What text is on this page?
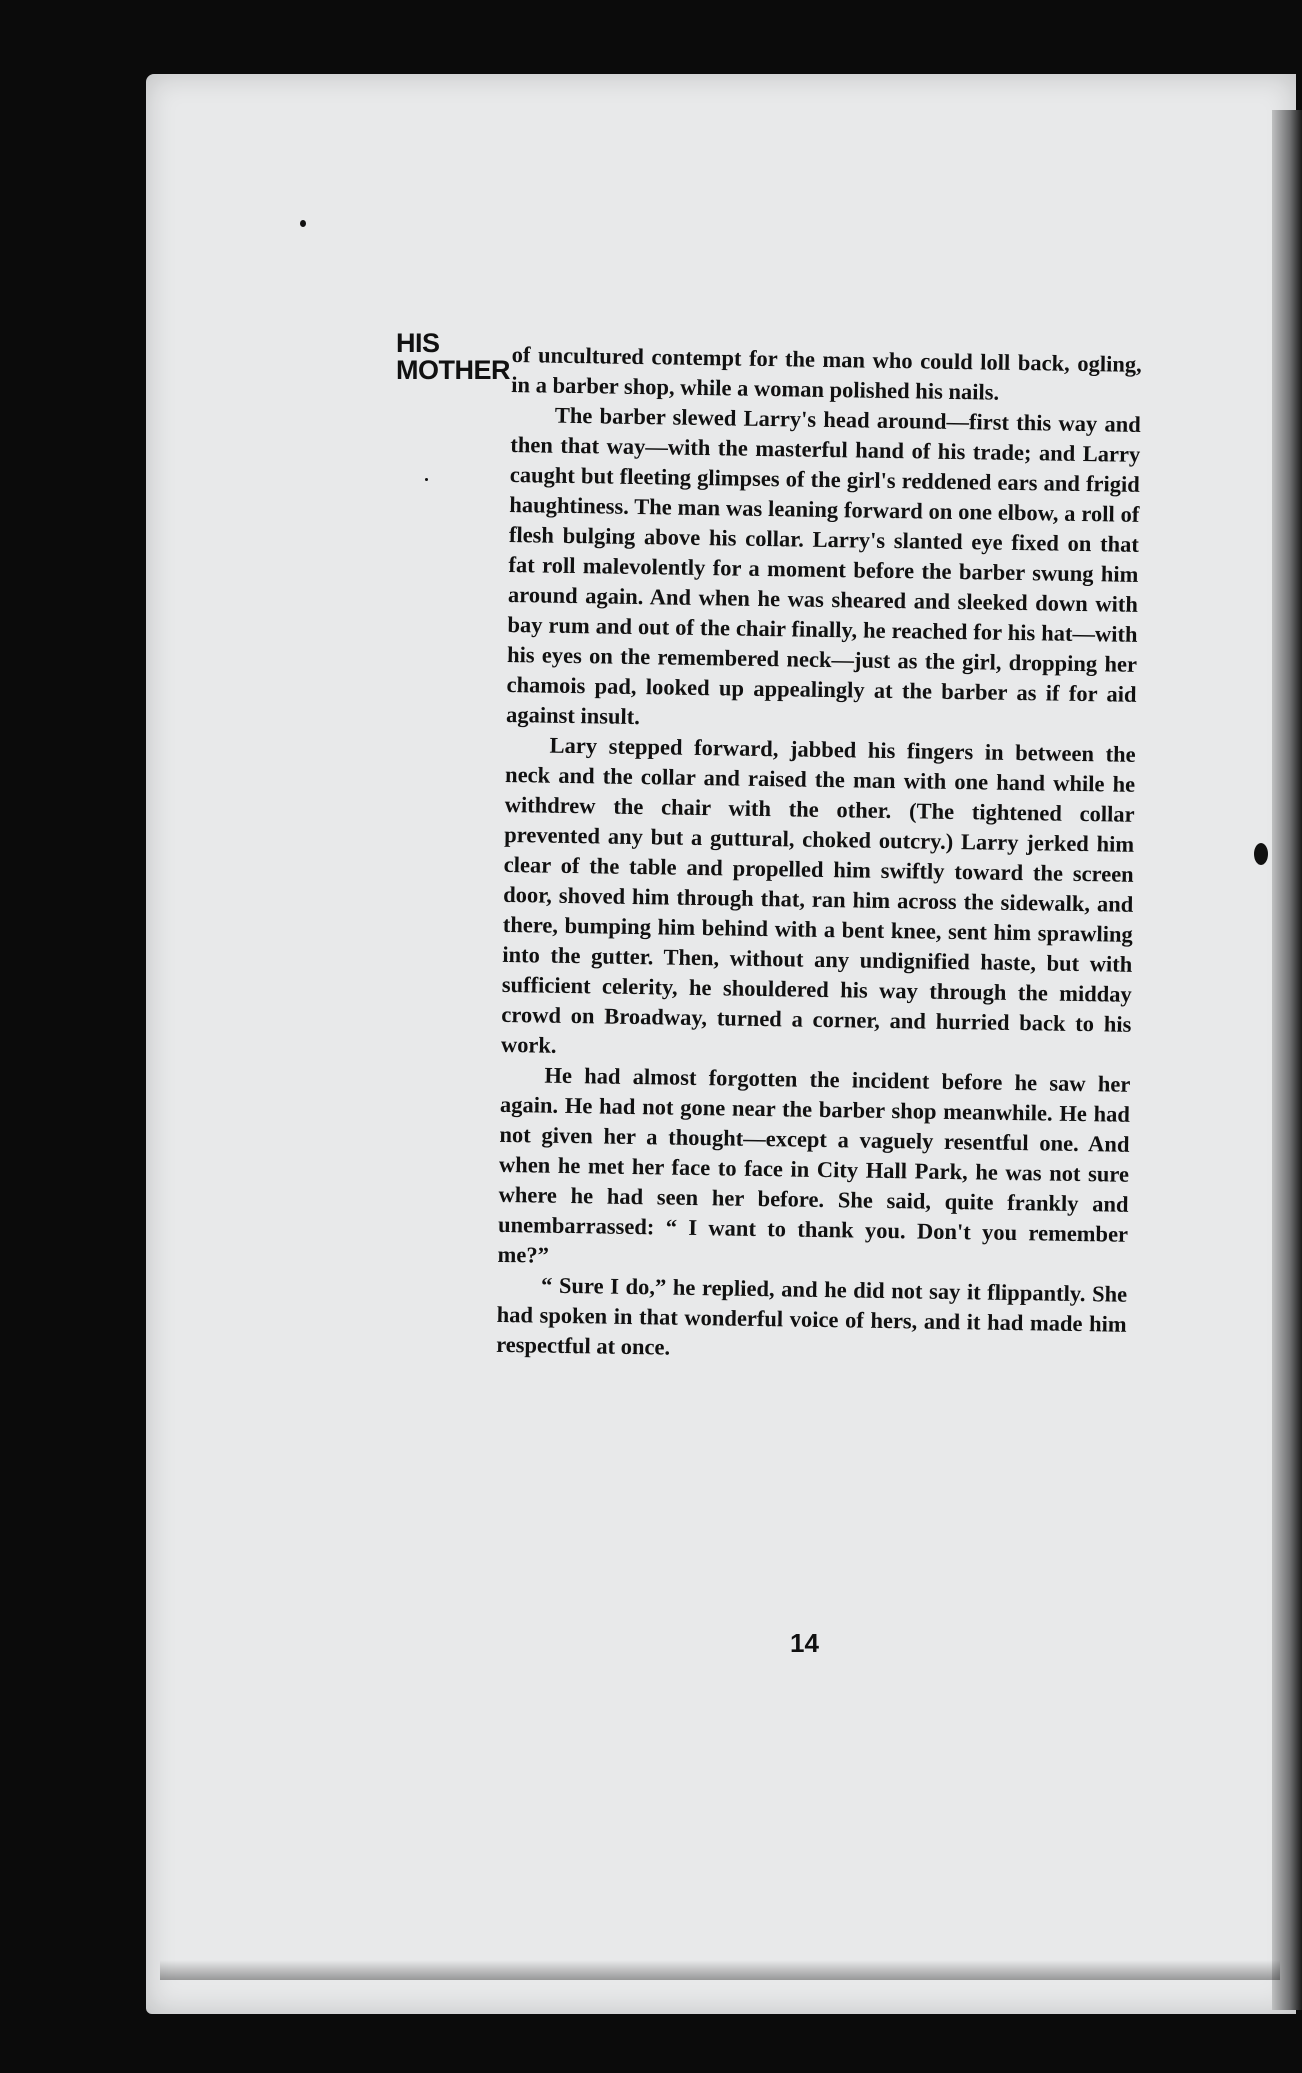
HIS
MOTHER of uncultured contempt for the man who could loll back, ogling, in a barber shop, while a woman polished his nails.

The barber slewed Larry's head around—first this way and then that way—with the masterful hand of his trade; and Larry caught but fleeting glimpses of the girl's reddened ears and frigid haughtiness. The man was leaning forward on one elbow, a roll of flesh bulging above his collar. Larry's slanted eye fixed on that fat roll malevolently for a moment before the barber swung him around again. And when he was sheared and sleeked down with bay rum and out of the chair finally, he reached for his hat—with his eyes on the remembered neck—just as the girl, dropping her chamois pad, looked up appealingly at the barber as if for aid against insult.

Lary stepped forward, jabbed his fingers in between the neck and the collar and raised the man with one hand while he withdrew the chair with the other. (The tightened collar prevented any but a guttural, choked outcry.) Larry jerked him clear of the table and propelled him swiftly toward the screen door, shoved him through that, ran him across the sidewalk, and there, bumping him behind with a bent knee, sent him sprawling into the gutter. Then, without any undignified haste, but with sufficient celerity, he shouldered his way through the midday crowd on Broadway, turned a corner, and hurried back to his work.

He had almost forgotten the incident before he saw her again. He had not gone near the barber shop meanwhile. He had not given her a thought—except a vaguely resentful one. And when he met her face to face in City Hall Park, he was not sure where he had seen her before. She said, quite frankly and unembarrassed: “ I want to thank you. Don't you remember me?”

“ Sure I do,” he replied, and he did not say it flippantly. She had spoken in that wonderful voice of hers, and it had made him respectful at once.

14
